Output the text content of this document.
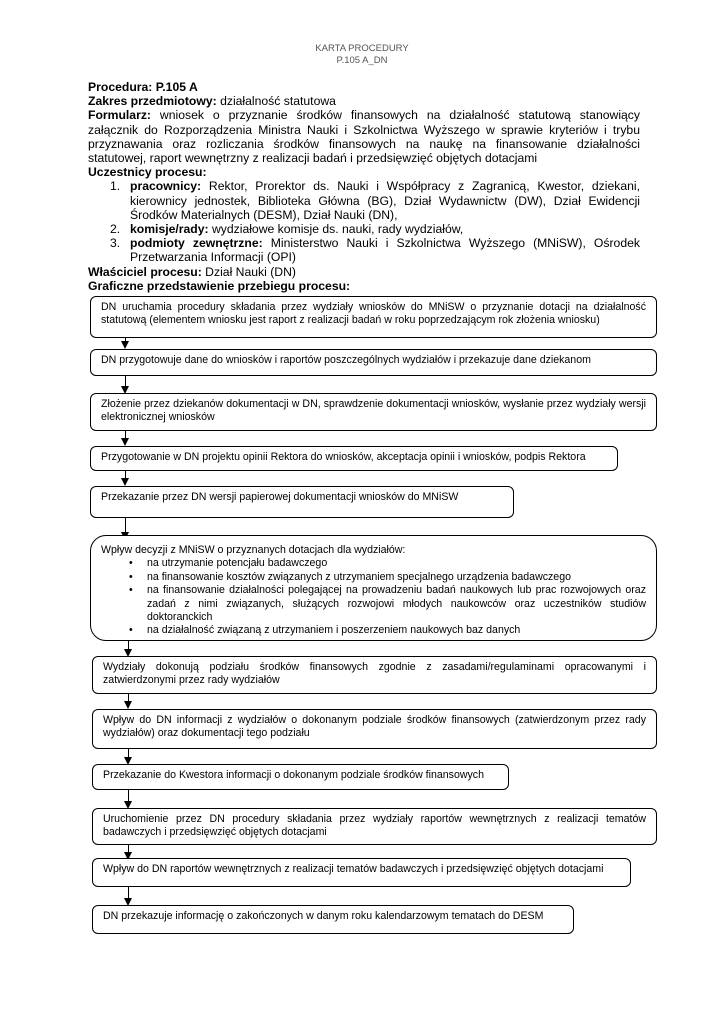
KARTA PROCEDURY
P.105 A_DN

Procedura: P.105 A

Zakres przedmiotowy: działalność statutowa

Formularz: wniosek o przyznanie środków finansowych na działalność statutową stanowiący załącznik do Rozporządzenia Ministra Nauki i Szkolnictwa Wyższego w sprawie kryteriów i trybu przyznawania oraz rozliczania środków finansowych na naukę na finansowanie działalności statutowej, raport wewnętrzny z realizacji badań i przedsięwzięć objętych dotacjami

Uczestnicy procesu:

1. pracownicy: Rektor, Prorektor ds. Nauki i Współpracy z Zagranicą, Kwestor, dziekani, kierownicy jednostek, Biblioteka Główna (BG), Dział Wydawnictw (DW), Dział Ewidencji Środków Materialnych (DESM), Dział Nauki (DN),
2. komisje/rady: wydziałowe komisje ds. nauki, rady wydziałów,
3. podmioty zewnętrzne: Ministerstwo Nauki i Szkolnictwa Wyższego (MNiSW), Ośrodek Przetwarzania Informacji (OPI)

Właściciel procesu: Dział Nauki (DN)

Graficzne przedstawienie przebiegu procesu:

DN uruchamia procedury składania przez wydziały wniosków do MNiSW o przyznanie dotacji na działalność statutową (elementem wniosku jest raport z realizacji badań w roku poprzedzającym rok złożenia wniosku)
DN przygotowuje dane do wniosków i raportów poszczególnych wydziałów i przekazuje dane dziekanom
Złożenie przez dziekanów dokumentacji w DN, sprawdzenie dokumentacji wniosków, wysłanie przez wydziały wersji elektronicznej wniosków
Przygotowanie w DN projektu opinii Rektora do wniosków, akceptacja opinii i wniosków, podpis Rektora
Przekazanie przez DN wersji papierowej dokumentacji wniosków do MNiSW
Wpływ decyzji z MNiSW o przyznanych dotacjach dla wydziałów:
• na utrzymanie potencjału badawczego
• na finansowanie kosztów związanych z utrzymaniem specjalnego urządzenia badawczego
• na finansowanie działalności polegającej na prowadzeniu badań naukowych lub prac rozwojowych oraz zadań z nimi związanych, służących rozwojowi młodych naukowców oraz uczestników studiów doktoranckich
• na działalność związaną z utrzymaniem i poszerzeniem naukowych baz danych
Wydziały dokonują podziału środków finansowych zgodnie z zasadami/regulaminami opracowanymi i zatwierdzonymi przez rady wydziałów
Wpływ do DN informacji z wydziałów o dokonanym podziale środków finansowych (zatwierdzonym przez rady wydziałów) oraz dokumentacji tego podziału
Przekazanie do Kwestora informacji o dokonanym podziale środków finansowych
Uruchomienie przez DN procedury składania przez wydziały raportów wewnętrznych z realizacji tematów badawczych i przedsięwzięć objętych dotacjami
Wpływ do DN raportów wewnętrznych z realizacji tematów badawczych i przedsięwzięć objętych dotacjami
DN przekazuje informację o zakończonych w danym roku kalendarzowym tematach do DESM
